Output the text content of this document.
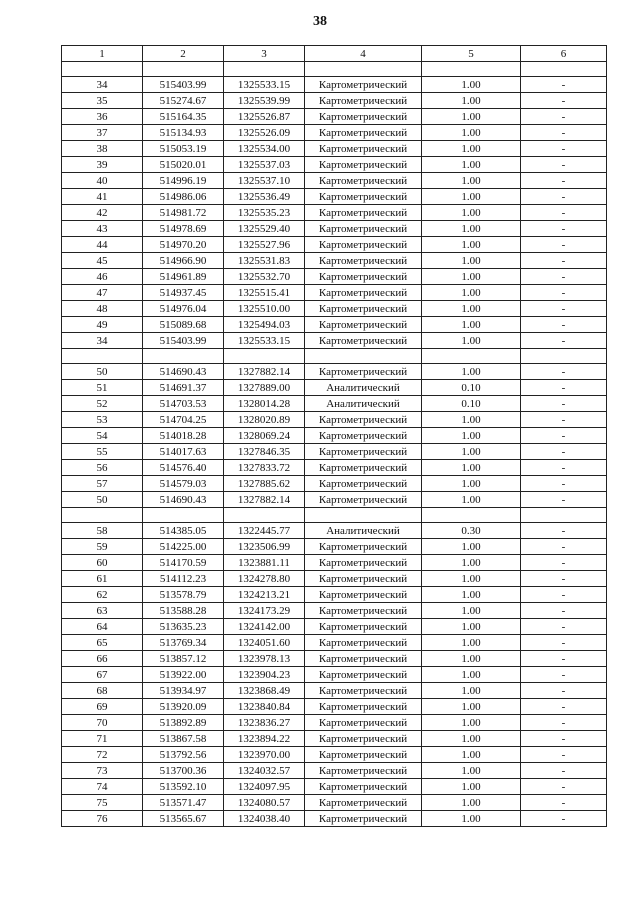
38
1	2	3	4	5	6

34	515403.99	1325533.15	Картометрический	1.00	-
35	515274.67	1325539.99	Картометрический	1.00	-
36	515164.35	1325526.87	Картометрический	1.00	-
37	515134.93	1325526.09	Картометрический	1.00	-
38	515053.19	1325534.00	Картометрический	1.00	-
39	515020.01	1325537.03	Картометрический	1.00	-
40	514996.19	1325537.10	Картометрический	1.00	-
41	514986.06	1325536.49	Картометрический	1.00	-
42	514981.72	1325535.23	Картометрический	1.00	-
43	514978.69	1325529.40	Картометрический	1.00	-
44	514970.20	1325527.96	Картометрический	1.00	-
45	514966.90	1325531.83	Картометрический	1.00	-
46	514961.89	1325532.70	Картометрический	1.00	-
47	514937.45	1325515.41	Картометрический	1.00	-
48	514976.04	1325510.00	Картометрический	1.00	-
49	515089.68	1325494.03	Картометрический	1.00	-
34	515403.99	1325533.15	Картометрический	1.00	-

50	514690.43	1327882.14	Картометрический	1.00	-
51	514691.37	1327889.00	Аналитический	0.10	-
52	514703.53	1328014.28	Аналитический	0.10	-
53	514704.25	1328020.89	Картометрический	1.00	-
54	514018.28	1328069.24	Картометрический	1.00	-
55	514017.63	1327846.35	Картометрический	1.00	-
56	514576.40	1327833.72	Картометрический	1.00	-
57	514579.03	1327885.62	Картометрический	1.00	-
50	514690.43	1327882.14	Картометрический	1.00	-

58	514385.05	1322445.77	Аналитический	0.30	-
59	514225.00	1323506.99	Картометрический	1.00	-
60	514170.59	1323881.11	Картометрический	1.00	-
61	514112.23	1324278.80	Картометрический	1.00	-
62	513578.79	1324213.21	Картометрический	1.00	-
63	513588.28	1324173.29	Картометрический	1.00	-
64	513635.23	1324142.00	Картометрический	1.00	-
65	513769.34	1324051.60	Картометрический	1.00	-
66	513857.12	1323978.13	Картометрический	1.00	-
67	513922.00	1323904.23	Картометрический	1.00	-
68	513934.97	1323868.49	Картометрический	1.00	-
69	513920.09	1323840.84	Картометрический	1.00	-
70	513892.89	1323836.27	Картометрический	1.00	-
71	513867.58	1323894.22	Картометрический	1.00	-
72	513792.56	1323970.00	Картометрический	1.00	-
73	513700.36	1324032.57	Картометрический	1.00	-
74	513592.10	1324097.95	Картометрический	1.00	-
75	513571.47	1324080.57	Картометрический	1.00	-
76	513565.67	1324038.40	Картометрический	1.00	-
